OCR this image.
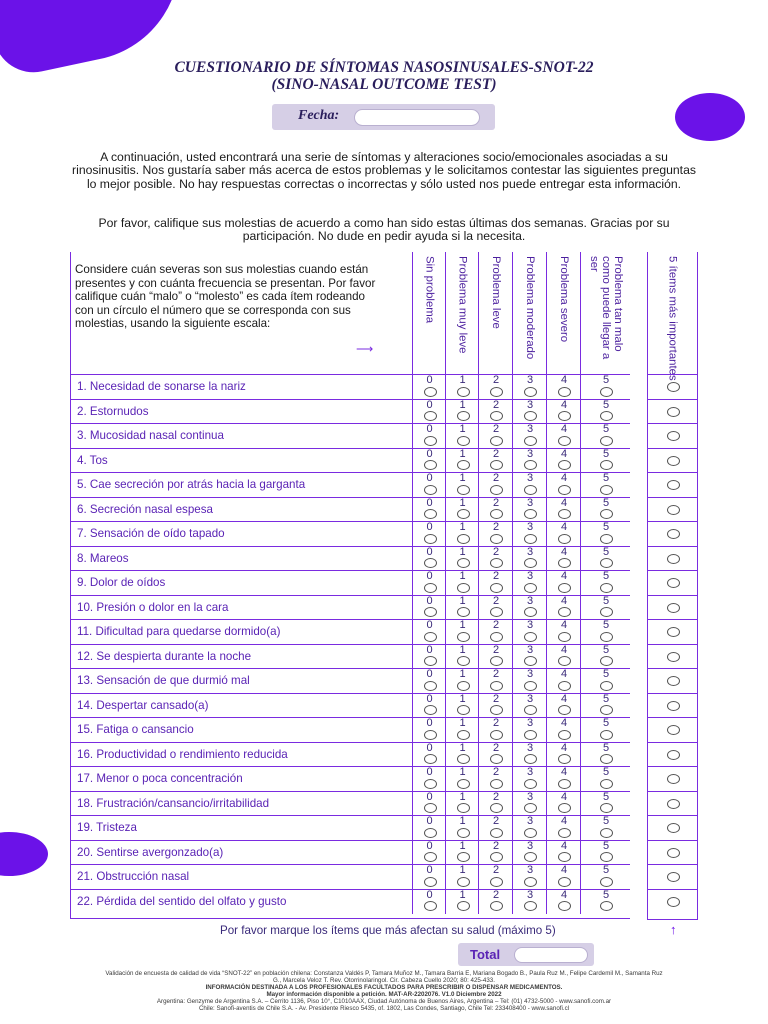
CUESTIONARIO DE SÍNTOMAS NASOSINUSALES-SNOT-22
(SINO-NASAL OUTCOME TEST)
Fecha:
A continuación, usted encontrará una serie de síntomas y alteraciones socio/emocionales asociadas a su rinosinusitis. Nos gustaría saber más acerca de estos problemas y le solicitamos contestar las siguientes preguntas lo mejor posible. No hay respuestas correctas o incorrectas y sólo usted nos puede entregar esta información.
Por favor, califique sus molestias de acuerdo a como han sido estas últimas dos semanas. Gracias por su participación. No dude en pedir ayuda si la necesita.
Considere cuán severas son sus molestias cuando están presentes y con cuánta frecuencia se presentan. Por favor califique cuán “malo” o “molesto” es cada ítem rodeando con un círculo el número que se corresponda con sus molestias, usando la siguiente escala:
⟶
Sin problema Problema muy leve Problema leve Problema moderado Problema severo	Problema tan malo como puede llegar a ser
1. Necesidad de sonarse la nariz	0	1	2	3	4	5
2. Estornudos	0	1	2	3	4	5
3. Mucosidad nasal continua	0	1	2	3	4	5
4. Tos	0	1	2	3	4	5
5. Cae secreción por atrás hacia la garganta	0	1	2	3	4	5
6. Secreción nasal espesa	0	1	2	3	4	5
7. Sensación de oído tapado	0	1	2	3	4	5
8. Mareos	0	1	2	3	4	5
9. Dolor de oídos	0	1	2	3	4	5
10. Presión o dolor en la cara	0	1	2	3	4	5
11. Dificultad para quedarse dormido(a)	0	1	2	3	4	5
12. Se despierta durante la noche	0	1	2	3	4	5
13. Sensación de que durmió mal	0	1	2	3	4	5
14. Despertar cansado(a)	0	1	2	3	4	5
15. Fatiga o cansancio	0	1	2	3	4	5
16. Productividad o rendimiento reducida	0	1	2	3	4	5
17. Menor o poca concentración	0	1	2	3	4	5
18. Frustración/cansancio/irritabilidad	0	1	2	3	4	5
19. Tristeza	0	1	2	3	4	5
20. Sentirse avergonzado(a)	0	1	2	3	4	5
21. Obstrucción nasal	0	1	2	3	4	5
22. Pérdida del sentido del olfato y gusto	0	1	2	3	4	5
5 ítems más importantes
Por favor marque los ítems que más afectan su salud (máximo 5)	↑
Total
Validación de encuesta de calidad de vida “SNOT-22” en población chilena: Constanza Valdés P, Tamara Muñoz M., Tamara Barria E, Mariana Bogado B., Paula Ruz M., Felipe Cardemil M., Samanta Ruz
G., Marcela Veloz T. Rev. Otorrinolaringol. Cir. Cabeza Cuello 2020; 80: 425-433.
INFORMACIÓN DESTINADA A LOS PROFESIONALES FACULTADOS PARA PRESCRIBIR O DISPENSAR MEDICAMENTOS.
Mayor información disponible a petición. MAT-AR-2202076. V1.0 Diciembre 2022
Argentina: Genzyme de Argentina S.A. – Cerrito 1136, Piso 10°, C1010AAX, Ciudad Autónoma de Buenos Aires, Argentina – Tel: (01) 4732-5000 - www.sanofi.com.ar
Chile: Sanofi-aventis de Chile S.A. - Av. Presidente Riesco 5435, of. 1802, Las Condes, Santiago, Chile Tel: 233408400 - www.sanofi.cl
